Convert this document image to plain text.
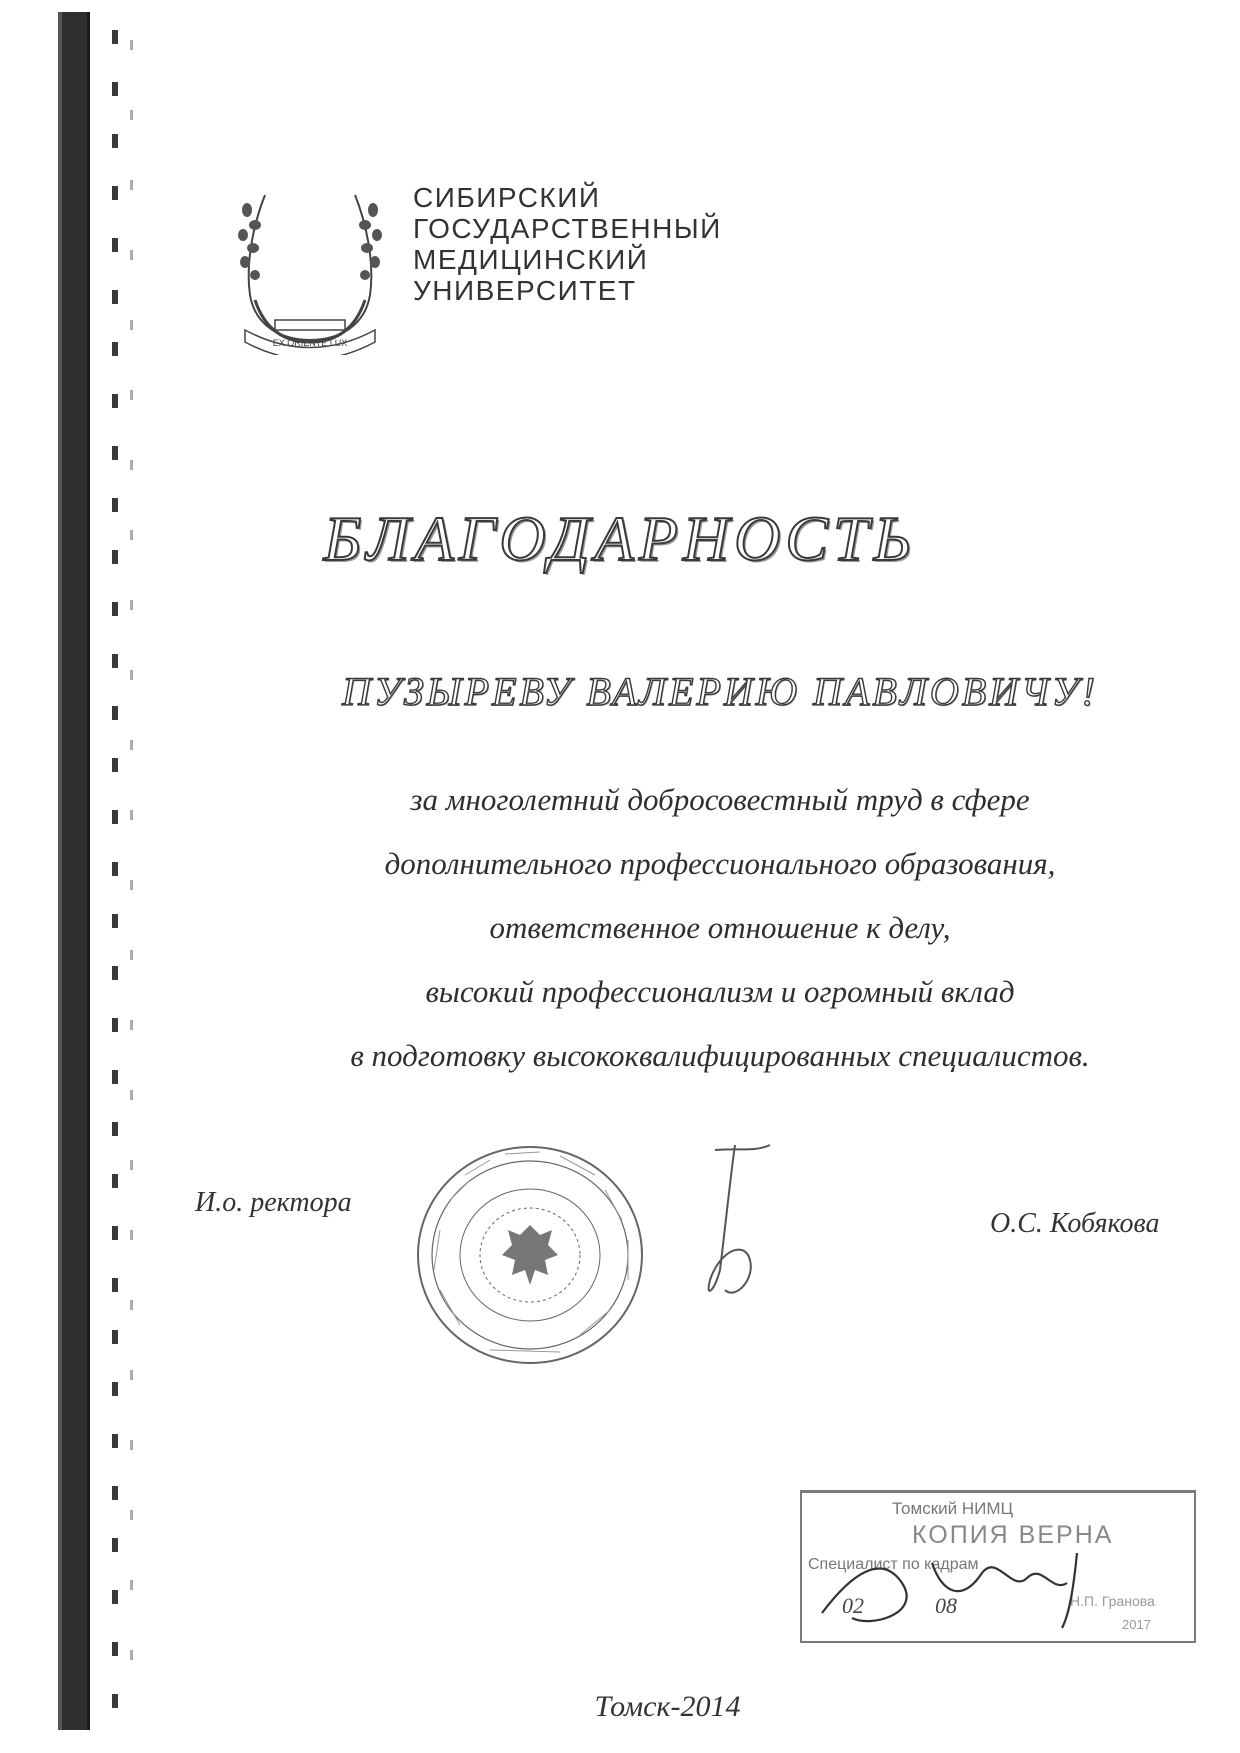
EX ORIENTE LUX
СИБИРСКИЙ
ГОСУДАРСТВЕННЫЙ
МЕДИЦИНСКИЙ
УНИВЕРСИТЕТ
БЛАГОДАРНОСТЬ
ПУЗЫРЕВУ ВАЛЕРИЮ ПАВЛОВИЧУ!
за многолетний добросовестный труд в сфере
дополнительного профессионального образования,
ответственное отношение к делу,
высокий профессионализм и огромный вклад
в подготовку высококвалифицированных специалистов.
И.о. ректора
О.С. Кобякова
Томский НИМЦ
КОПИЯ ВЕРНА
Специалист по кадрам
Н.П. Гранова
02	08
2017
Томск-2014
